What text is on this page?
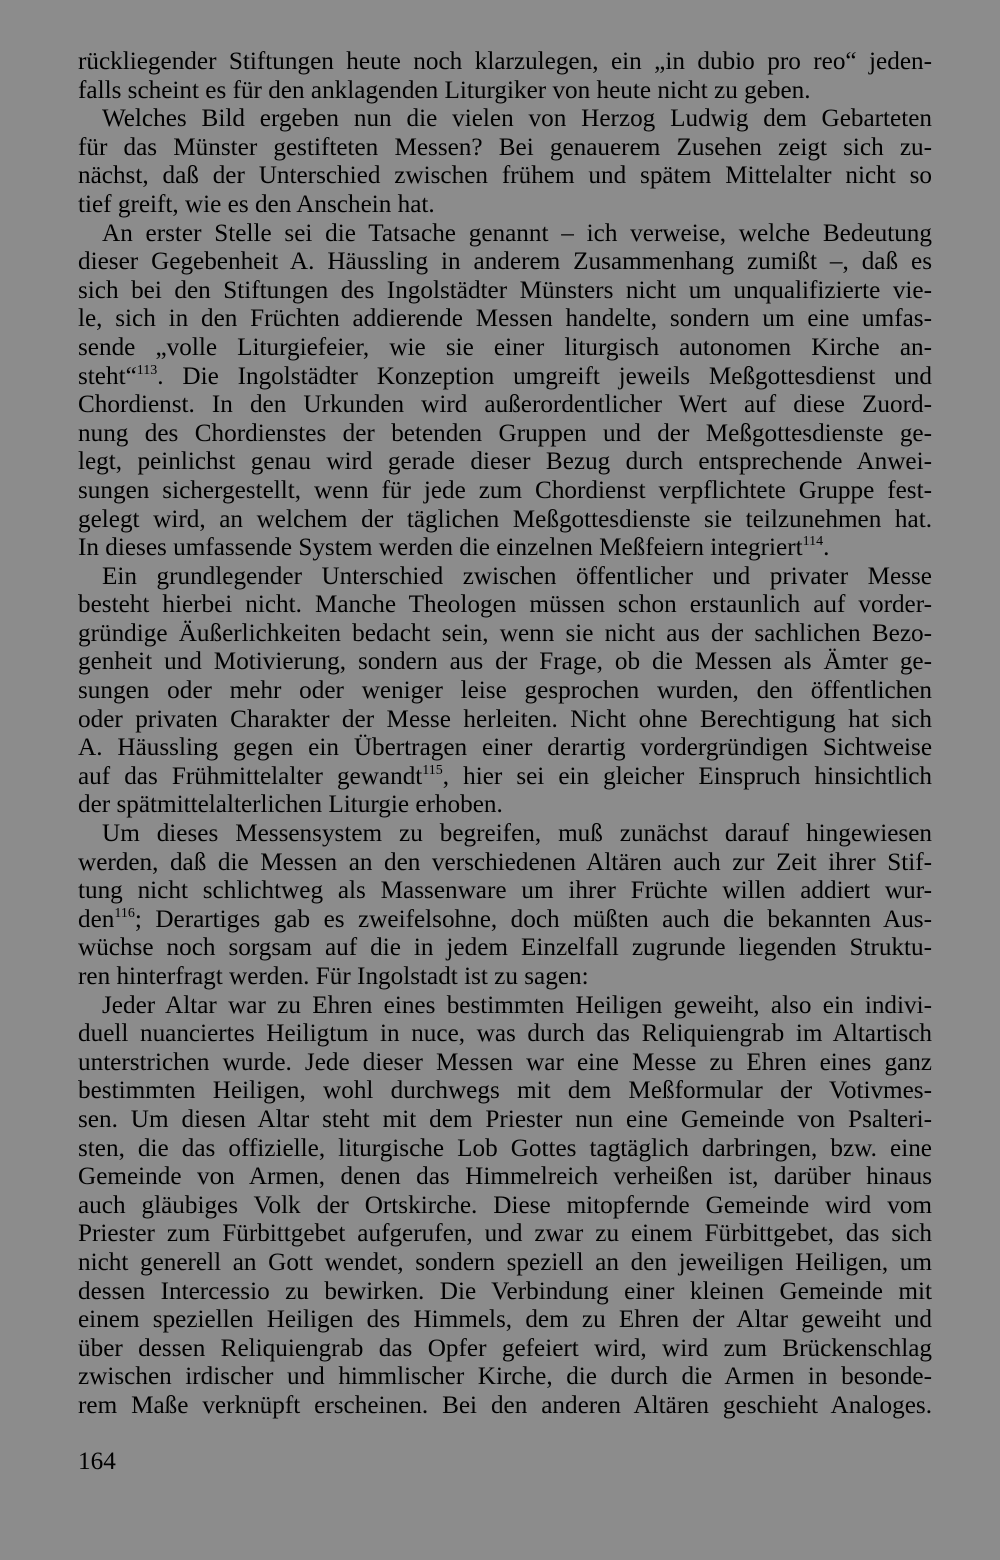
rückliegender Stiftungen heute noch klarzulegen, ein „in dubio pro reo“ jeden-
falls scheint es für den anklagenden Liturgiker von heute nicht zu geben.
Welches Bild ergeben nun die vielen von Herzog Ludwig dem Gebarteten
für das Münster gestifteten Messen? Bei genauerem Zusehen zeigt sich zu-
nächst, daß der Unterschied zwischen frühem und spätem Mittelalter nicht so
tief greift, wie es den Anschein hat.
An erster Stelle sei die Tatsache genannt – ich verweise, welche Bedeutung
dieser Gegebenheit A. Häussling in anderem Zusammenhang zumißt –, daß es
sich bei den Stiftungen des Ingolstädter Münsters nicht um unqualifizierte vie-
le, sich in den Früchten addierende Messen handelte, sondern um eine umfas-
sende „volle Liturgiefeier, wie sie einer liturgisch autonomen Kirche an-
steht“$^{113}$. Die Ingolstädter Konzeption umgreift jeweils Meßgottesdienst und
Chordienst. In den Urkunden wird außerordentlicher Wert auf diese Zuord-
nung des Chordienstes der betenden Gruppen und der Meßgottesdienste ge-
legt, peinlichst genau wird gerade dieser Bezug durch entsprechende Anwei-
sungen sichergestellt, wenn für jede zum Chordienst verpflichtete Gruppe fest-
gelegt wird, an welchem der täglichen Meßgottesdienste sie teilzunehmen hat.
In dieses umfassende System werden die einzelnen Meßfeiern integriert$^{114}$.
Ein grundlegender Unterschied zwischen öffentlicher und privater Messe
besteht hierbei nicht. Manche Theologen müssen schon erstaunlich auf vorder-
gründige Äußerlichkeiten bedacht sein, wenn sie nicht aus der sachlichen Bezo-
genheit und Motivierung, sondern aus der Frage, ob die Messen als Ämter ge-
sungen oder mehr oder weniger leise gesprochen wurden, den öffentlichen
oder privaten Charakter der Messe herleiten. Nicht ohne Berechtigung hat sich
A. Häussling gegen ein Übertragen einer derartig vordergründigen Sichtweise
auf das Frühmittelalter gewandt$^{115}$, hier sei ein gleicher Einspruch hinsichtlich
der spätmittelalterlichen Liturgie erhoben.
Um dieses Messensystem zu begreifen, muß zunächst darauf hingewiesen
werden, daß die Messen an den verschiedenen Altären auch zur Zeit ihrer Stif-
tung nicht schlichtweg als Massenware um ihrer Früchte willen addiert wur-
den$^{116}$; Derartiges gab es zweifelsohne, doch müßten auch die bekannten Aus-
wüchse noch sorgsam auf die in jedem Einzelfall zugrunde liegenden Struktu-
ren hinterfragt werden. Für Ingolstadt ist zu sagen:
Jeder Altar war zu Ehren eines bestimmten Heiligen geweiht, also ein indivi-
duell nuanciertes Heiligtum in nuce, was durch das Reliquiengrab im Altartisch
unterstrichen wurde. Jede dieser Messen war eine Messe zu Ehren eines ganz
bestimmten Heiligen, wohl durchwegs mit dem Meßformular der Votivmes-
sen. Um diesen Altar steht mit dem Priester nun eine Gemeinde von Psalteri-
sten, die das offizielle, liturgische Lob Gottes tagtäglich darbringen, bzw. eine
Gemeinde von Armen, denen das Himmelreich verheißen ist, darüber hinaus
auch gläubiges Volk der Ortskirche. Diese mitopfernde Gemeinde wird vom
Priester zum Fürbittgebet aufgerufen, und zwar zu einem Fürbittgebet, das sich
nicht generell an Gott wendet, sondern speziell an den jeweiligen Heiligen, um
dessen Intercessio zu bewirken. Die Verbindung einer kleinen Gemeinde mit
einem speziellen Heiligen des Himmels, dem zu Ehren der Altar geweiht und
über dessen Reliquiengrab das Opfer gefeiert wird, wird zum Brückenschlag
zwischen irdischer und himmlischer Kirche, die durch die Armen in besonde-
rem Maße verknüpft erscheinen. Bei den anderen Altären geschieht Analoges.
164
